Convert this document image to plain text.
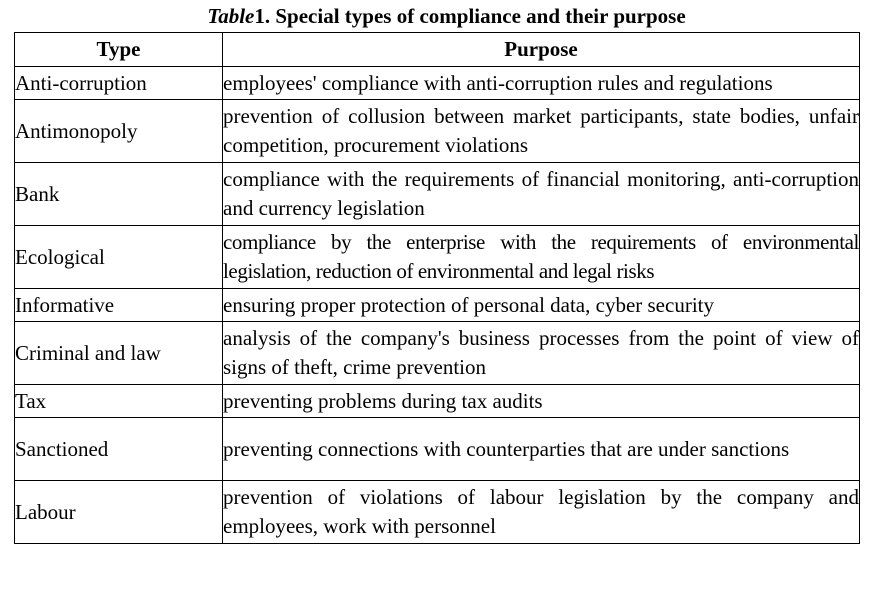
Table1. Special types of compliance and their purpose
Type	Purpose
Anti-corruption	employees' compliance with anti-corruption rules and regulations
Antimonopoly	prevention of collusion between market participants, state bodies, unfair competition, procurement violations
Bank	compliance with the requirements of financial monitoring, anti-corruption and currency legislation
Ecological	compliance by the enterprise with the requirements of environmental legislation, reduction of environmental and legal risks
Informative	ensuring proper protection of personal data, cyber security
Criminal and law	analysis of the company's business processes from the point of view of signs of theft, crime prevention
Tax	preventing problems during tax audits
Sanctioned	preventing connections with counterparties that are under sanctions
Labour	prevention of violations of labour legislation by the company and employees, work with personnel
